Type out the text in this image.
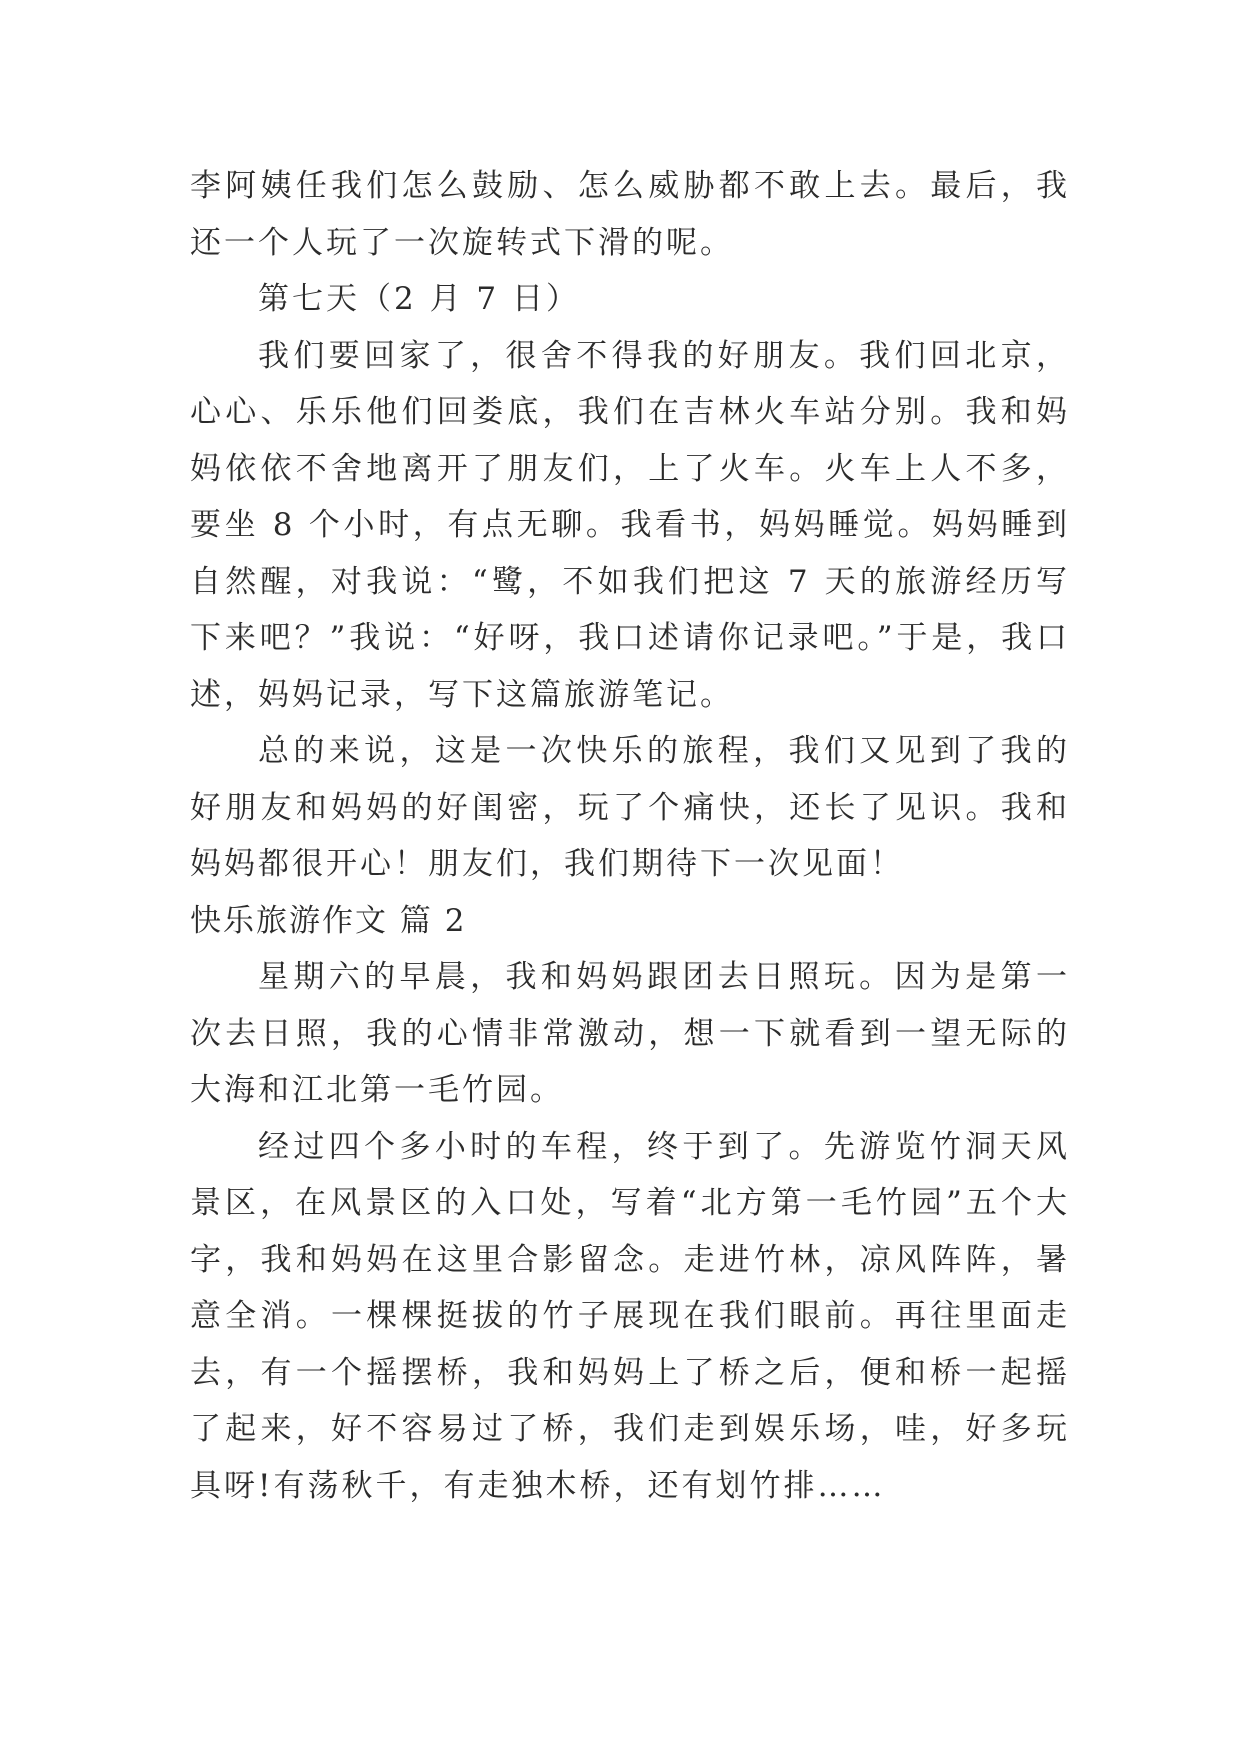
李阿姨任我们怎么鼓励、怎么威胁都不敢上去。最后，我还一个人玩了一次旋转式下滑的呢。

第七天（2 月 7 日）

我们要回家了，很舍不得我的好朋友。我们回北京，心心、乐乐他们回娄底，我们在吉林火车站分别。我和妈妈依依不舍地离开了朋友们，上了火车。火车上人不多，要坐 8 个小时，有点无聊。我看书，妈妈睡觉。妈妈睡到自然醒，对我说：“鹭，不如我们把这 7 天的旅游经历写下来吧？”我说：“好呀，我口述请你记录吧。”于是，我口述，妈妈记录，写下这篇旅游笔记。

总的来说，这是一次快乐的旅程，我们又见到了我的好朋友和妈妈的好闺密，玩了个痛快，还长了见识。我和妈妈都很开心！朋友们，我们期待下一次见面！

快乐旅游作文 篇 2

星期六的早晨，我和妈妈跟团去日照玩。因为是第一次去日照，我的心情非常激动，想一下就看到一望无际的大海和江北第一毛竹园。

经过四个多小时的车程，终于到了。先游览竹洞天风景区，在风景区的入口处，写着“北方第一毛竹园”五个大字，我和妈妈在这里合影留念。走进竹林，凉风阵阵，暑意全消。一棵棵挺拔的竹子展现在我们眼前。再往里面走去，有一个摇摆桥，我和妈妈上了桥之后，便和桥一起摇了起来，好不容易过了桥，我们走到娱乐场，哇，好多玩具呀!有荡秋千，有走独木桥，还有划竹排……
